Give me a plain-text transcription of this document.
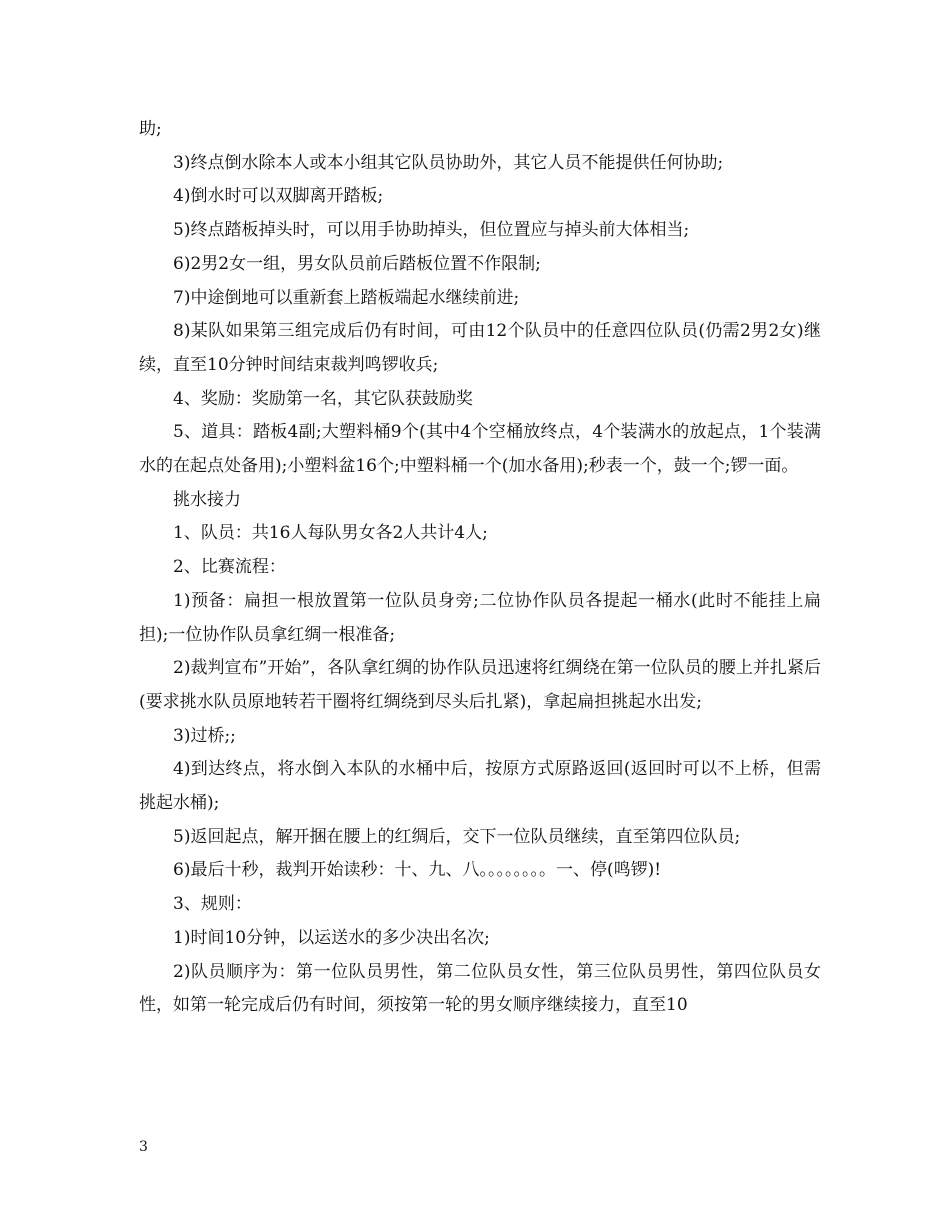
助;

3)终点倒水除本人或本小组其它队员协助外，其它人员不能提供任何协助;

4)倒水时可以双脚离开踏板;

5)终点踏板掉头时，可以用手协助掉头，但位置应与掉头前大体相当;

6)2男2女一组，男女队员前后踏板位置不作限制;

7)中途倒地可以重新套上踏板端起水继续前进;

8)某队如果第三组完成后仍有时间，可由12个队员中的任意四位队员(仍需2男2女)继续，直至10分钟时间结束裁判鸣锣收兵;

4、奖励：奖励第一名，其它队获鼓励奖

5、道具：踏板4副;大塑料桶9个(其中4个空桶放终点，4个装满水的放起点，1个装满水的在起点处备用);小塑料盆16个;中塑料桶一个(加水备用);秒表一个，鼓一个;锣一面。

挑水接力

1、队员：共16人每队男女各2人共计4人;

2、比赛流程：

1)预备：扁担一根放置第一位队员身旁;二位协作队员各提起一桶水(此时不能挂上扁担);一位协作队员拿红绸一根准备;

2)裁判宣布”开始”，各队拿红绸的协作队员迅速将红绸绕在第一位队员的腰上并扎紧后(要求挑水队员原地转若干圈将红绸绕到尽头后扎紧)，拿起扁担挑起水出发;

3)过桥;;

4)到达终点，将水倒入本队的水桶中后，按原方式原路返回(返回时可以不上桥，但需挑起水桶);

5)返回起点，解开捆在腰上的红绸后，交下一位队员继续，直至第四位队员;

6)最后十秒，裁判开始读秒：十、九、八。。。。。。。。一、停(鸣锣)!

3、规则：

1)时间10分钟，以运送水的多少决出名次;

2)队员顺序为：第一位队员男性，第二位队员女性，第三位队员男性，第四位队员女性，如第一轮完成后仍有时间，须按第一轮的男女顺序继续接力，直至10

3
